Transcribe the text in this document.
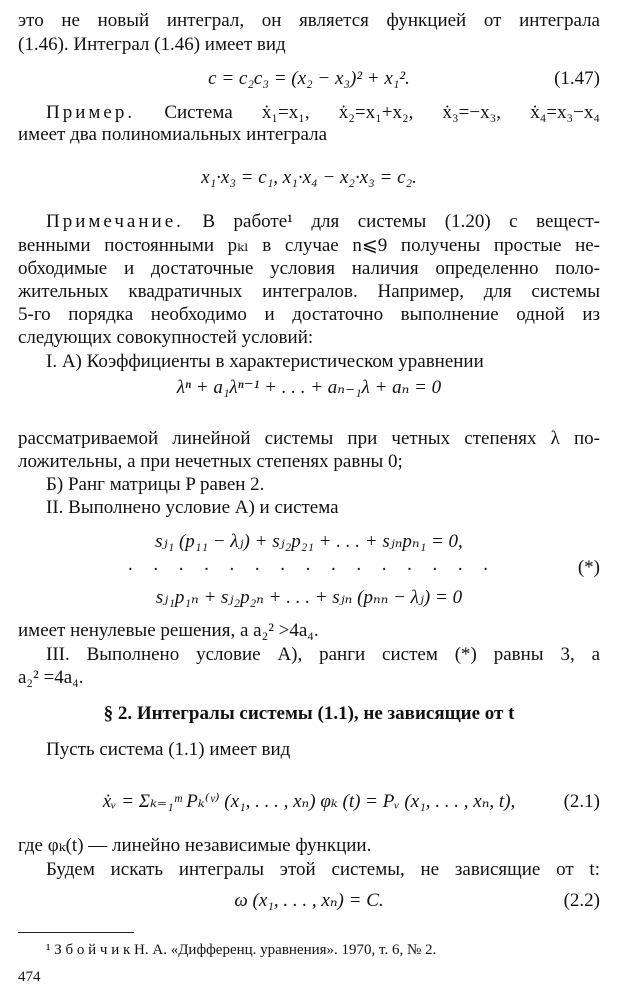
это не новый интеграл, он является функцией от интеграла
(1.46). Интеграл (1.46) имеет вид
c = c₂c₃ = (x₂ − x₃)² + x₁².	(1.47)
Пример. Система ẋ₁=x₁, ẋ₂=x₁+x₂, ẋ₃=−x₃, ẋ₄=x₃−x₄
имеет два полиномиальных интеграла
x₁·x₃ = c₁, x₁·x₄ − x₂·x₃ = c₂.
Примечание. В работе¹ для системы (1.20) с вещест-
венными постоянными pₖₗ в случае n⩽9 получены простые не-
обходимые и достаточные условия наличия определенно поло-
жительных квадратичных интегралов. Например, для системы
5-го порядка необходимо и достаточно выполнение одной из
следующих совокупностей условий:
I. А) Коэффициенты в характеристическом уравнении
λⁿ + a₁λⁿ⁻¹ + . . . + aₙ₋₁λ + aₙ = 0
рассматриваемой линейной системы при четных степенях λ по-
ложительны, а при нечетных степенях равны 0;
Б) Ранг матрицы P равен 2.
II. Выполнено условие А) и система
sⱼ₁ (p₁₁ − λⱼ) + sⱼ₂p₂₁ + . . . + sⱼₙpₙ₁ = 0,
. . . . . . . . . . . . . . .	(*)
sⱼ₁p₁ₙ + sⱼ₂p₂ₙ + . . . + sⱼₙ (pₙₙ − λⱼ) = 0
имеет ненулевые решения, а a₂² >4a₄.
III. Выполнено условие А), ранги систем (*) равны 3, а
a₂² =4a₄.
§ 2. Интегралы системы (1.1), не зависящие от t
Пусть система (1.1) имеет вид
ẋᵥ = Σₖ₌₁ᵐ Pₖ⁽ᵛ⁾ (x₁, . . . , xₙ) φₖ (t) = Pᵥ (x₁, . . . , xₙ, t),	(2.1)
где φₖ(t) — линейно независимые функции.
Будем искать интегралы этой системы, не зависящие от t:
ω (x₁, . . . , xₙ) = C.	(2.2)
¹ З б о й ч и к Н. А. «Дифференц. уравнения». 1970, т. 6, № 2.
474
